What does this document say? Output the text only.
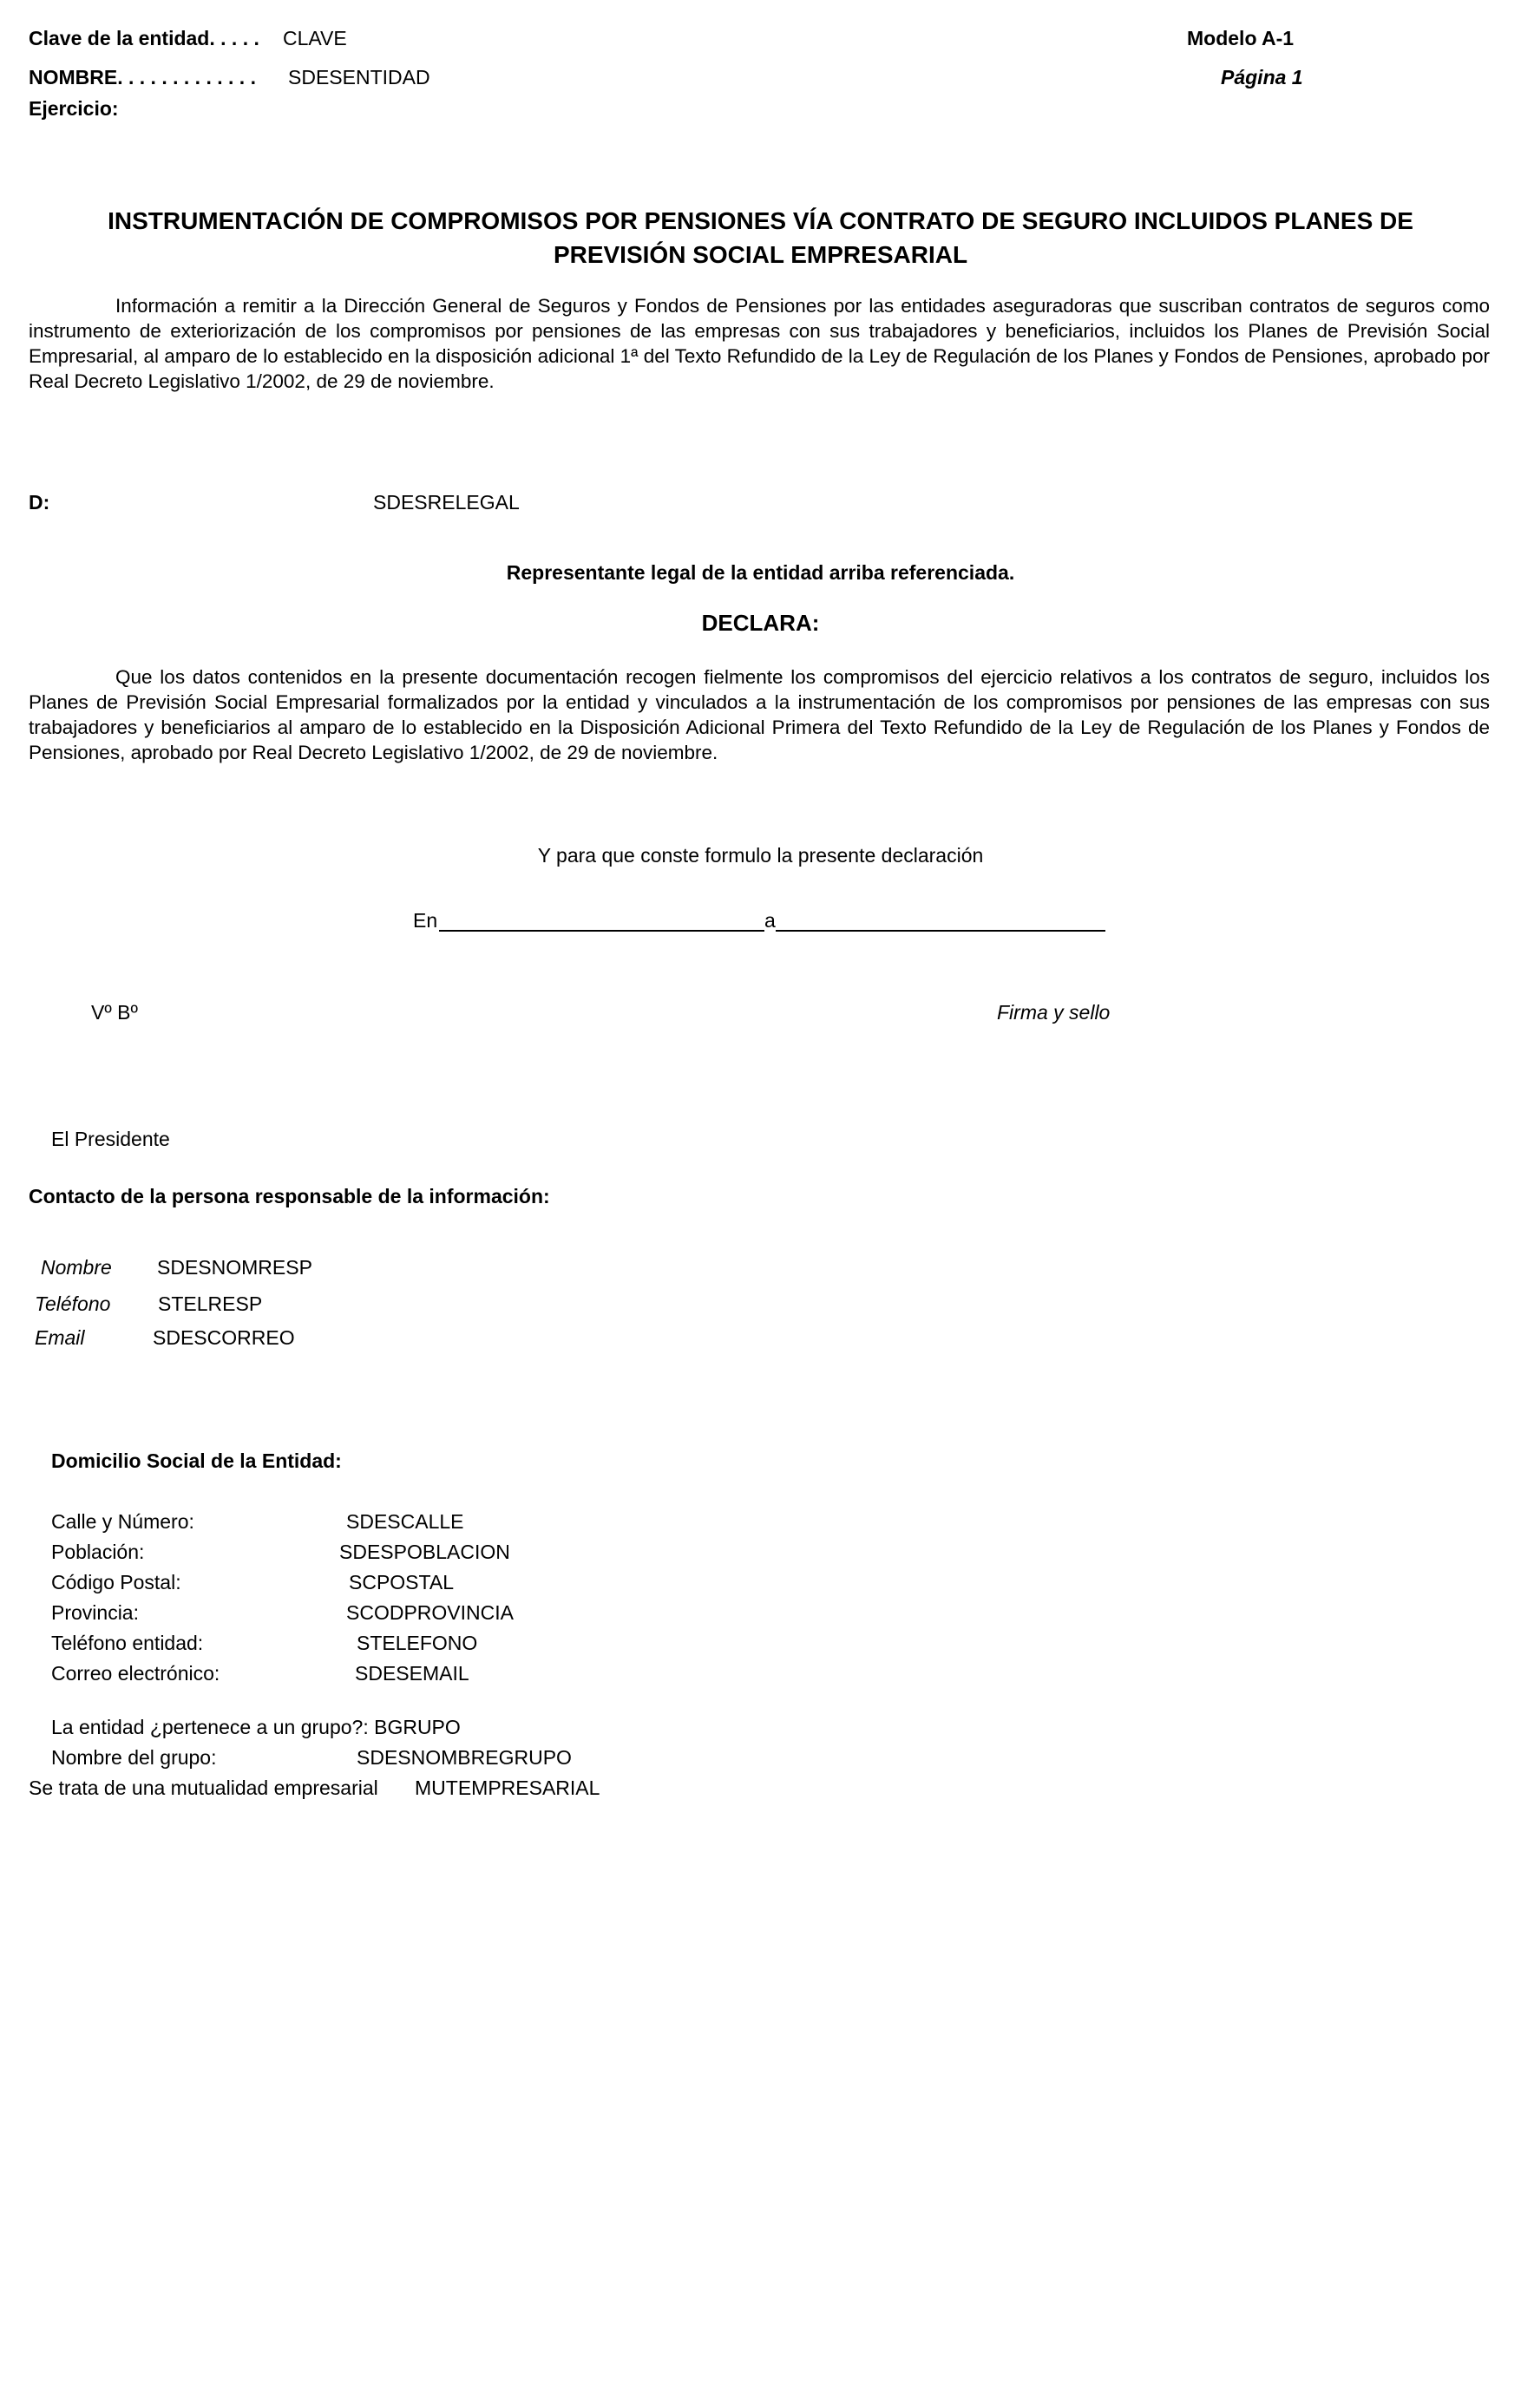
Clave de la entidad. . . . . CLAVE	Modelo A-1
NOMBRE. . . . . . . . . . . . . SDESENTIDAD	Página 1
Ejercicio:
INSTRUMENTACIÓN DE COMPROMISOS POR PENSIONES VÍA CONTRATO DE SEGURO INCLUIDOS PLANES DE
PREVISIÓN SOCIAL EMPRESARIAL
Información a remitir a la Dirección General de Seguros y Fondos de Pensiones por las entidades aseguradoras que suscriban contratos de seguros como instrumento de exteriorización de los compromisos por pensiones de las empresas con sus trabajadores y beneficiarios, incluidos los Planes de Previsión Social Empresarial, al amparo de lo establecido en la disposición adicional 1ª del Texto Refundido de la Ley de Regulación de los Planes y Fondos de Pensiones, aprobado por Real Decreto Legislativo 1/2002, de 29 de noviembre.
D:	SDESRELEGAL
Representante legal de la entidad arriba referenciada.
DECLARA:
Que los datos contenidos en la presente documentación recogen fielmente los compromisos del ejercicio relativos a los contratos de seguro, incluidos los Planes de Previsión Social Empresarial formalizados por la entidad y vinculados a la instrumentación de los compromisos por pensiones de las empresas con sus trabajadores y beneficiarios al amparo de lo establecido en la Disposición Adicional Primera del Texto Refundido de la Ley de Regulación de los Planes y Fondos de Pensiones, aprobado por Real Decreto Legislativo 1/2002, de 29 de noviembre.
Y para que conste formulo la presente declaración
En	a
Vº Bº	Firma y sello
El Presidente
Contacto de la persona responsable de la información:
Nombre SDESNOMRESP
Teléfono STELRESP
Email	SDESCORREO
Domicilio Social de la Entidad:
Calle y Número:	SDESCALLE
Población:	SDESPOBLACION
Código Postal:	SCPOSTAL
Provincia:	SCODPROVINCIA
Teléfono entidad:	STELEFONO
Correo electrónico:	SDESEMAIL
La entidad ¿pertenece a un grupo?: BGRUPO
Nombre del grupo:	SDESNOMBREGRUPO
Se trata de una mutualidad empresarial MUTEMPRESARIAL
